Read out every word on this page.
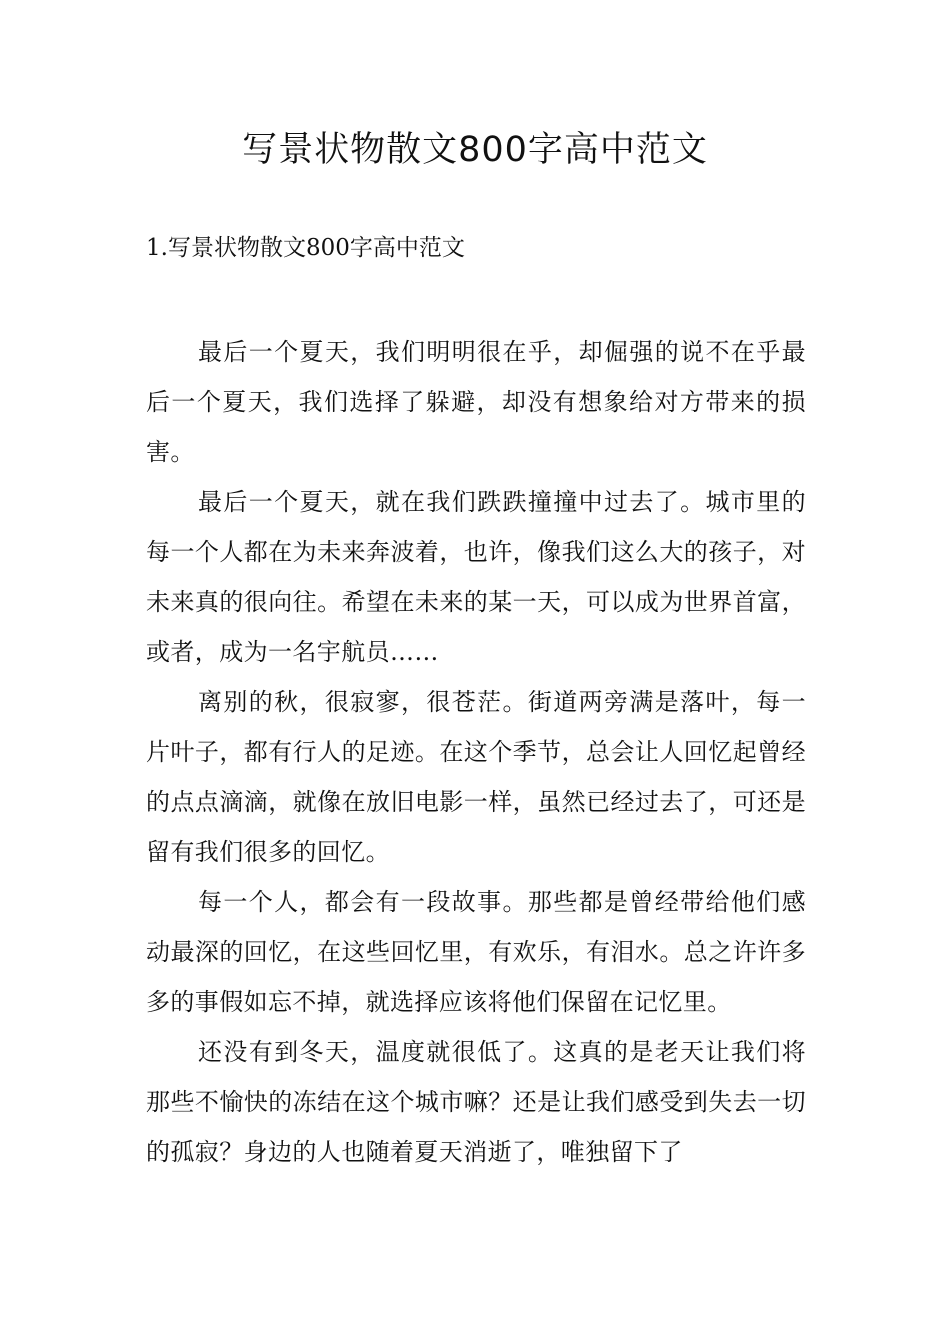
写景状物散文800字高中范文
1.写景状物散文800字高中范文

最后一个夏天，我们明明很在乎，却倔强的说不在乎最后一个夏天，我们选择了躲避，却没有想象给对方带来的损害。

最后一个夏天，就在我们跌跌撞撞中过去了。城市里的每一个人都在为未来奔波着，也许，像我们这么大的孩子，对未来真的很向往。希望在未来的某一天，可以成为世界首富，或者，成为一名宇航员……

离别的秋，很寂寥，很苍茫。街道两旁满是落叶，每一片叶子，都有行人的足迹。在这个季节，总会让人回忆起曾经的点点滴滴，就像在放旧电影一样，虽然已经过去了，可还是留有我们很多的回忆。

每一个人，都会有一段故事。那些都是曾经带给他们感动最深的回忆，在这些回忆里，有欢乐，有泪水。总之许许多多的事假如忘不掉，就选择应该将他们保留在记忆里。

还没有到冬天，温度就很低了。这真的是老天让我们将那些不愉快的冻结在这个城市嘛？还是让我们感受到失去一切的孤寂？身边的人也随着夏天消逝了，唯独留下了
